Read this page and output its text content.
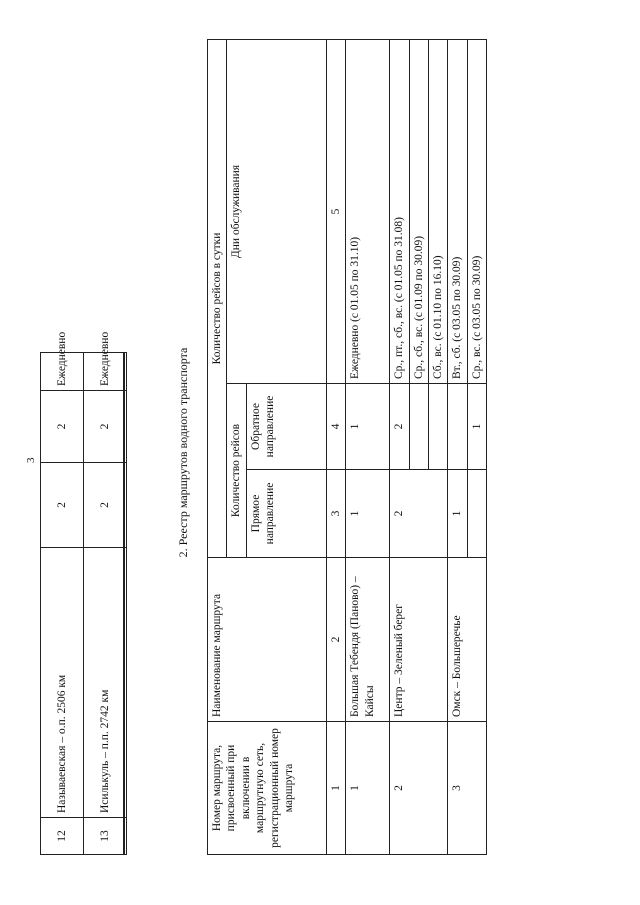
3
12	Называевская – о.п. 2506 км	2	2	Ежедневно
13	Исилькуль – п.п. 2742 км	2	2	Ежедневно	2. Реестр маршрутов водного транспорта
Номер маршрута, присвоенный при включении в маршрутную сеть, регистрационный номер маршрута	Наименование маршрута	Количество рейсов в сутки		
		Количество рейсов		Дни обслуживания
		Прямое направление	Обратное направление	
1	2	3	4	5
1	Большая Тебендя (Паново) – Кайсы	1	1	Ежедневно (с 01.05 по 31.10)
2	Центр – Зеленый берег	2	2	Ср., пт., сб., вс. (с 01.05 по 31.08)
				Ср., сб., вс. (с 01.09 по 30.09)
				Сб., вс. (с 01.10 по 16.10)
3	Омск – Большеречье	1		Вт., сб. (с 03.05 по 30.09)
			1	Ср., вс. (с 03.05 по 30.09)
